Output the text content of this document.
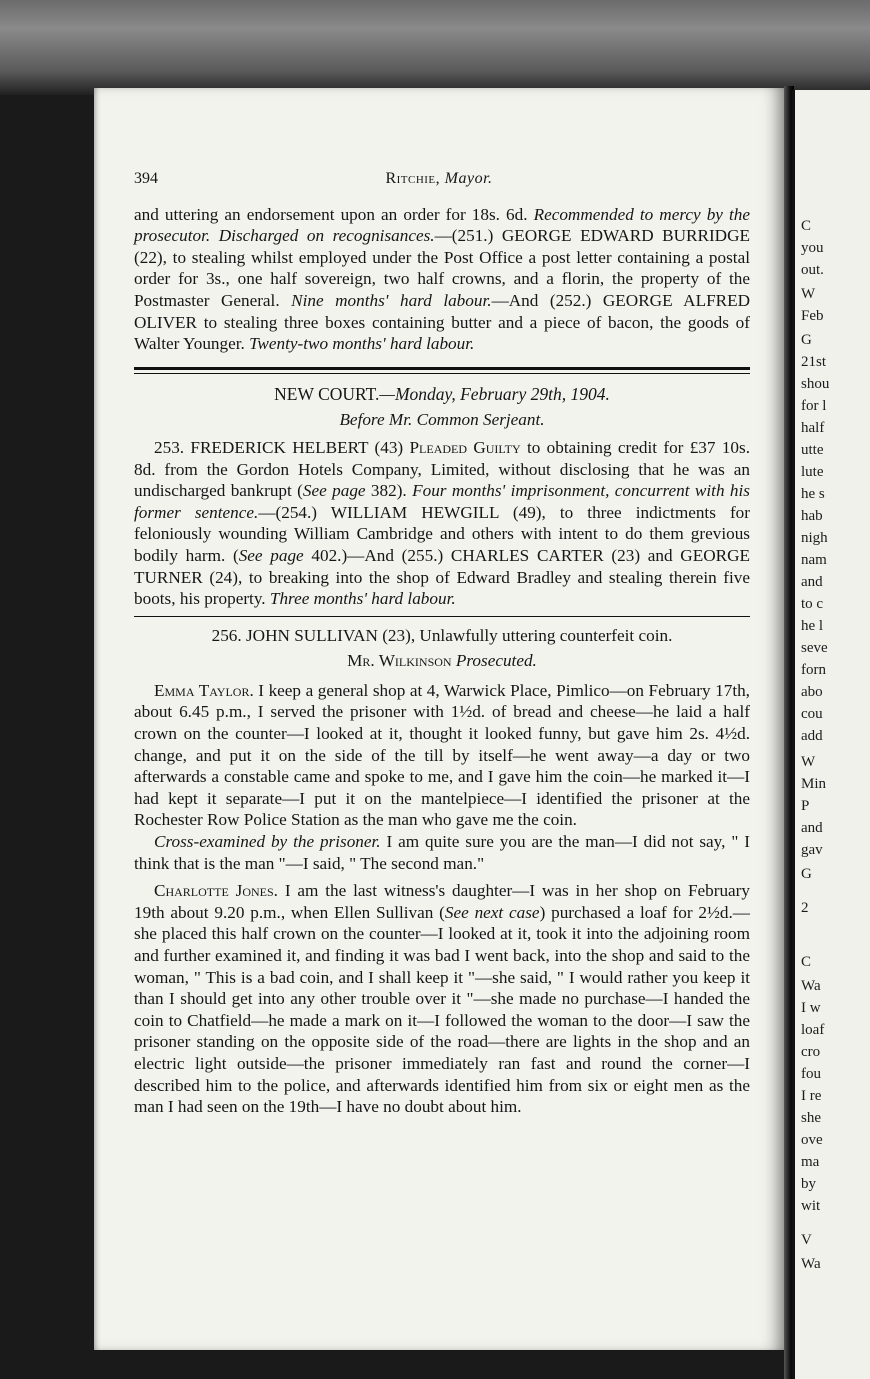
C
you
out.
W
Feb
G
21st
shou
for l
half
utte
lute
he s
hab
nigh
nam
and
to c
he l
seve
forn
abo
cou
add
W
Min
P
and
gav
G
2
C
Wa
I w
loaf
cro
fou
I re
she
ove
ma
by
wit
V
Wa
394	Ritchie, Mayor.

and uttering an endorsement upon an order for 18s. 6d. Recommended to mercy by the prosecutor. Discharged on recognisances.—(251.) GEORGE EDWARD BURRIDGE (22), to stealing whilst employed under the Post Office a post letter containing a postal order for 3s., one half sovereign, two half crowns, and a florin, the property of the Postmaster General. Nine months' hard labour.—And (252.) GEORGE ALFRED OLIVER to stealing three boxes containing butter and a piece of bacon, the goods of Walter Younger. Twenty-two months' hard labour.

NEW COURT.—Monday, February 29th, 1904.
Before Mr. Common Serjeant.

253. FREDERICK HELBERT (43) Pleaded Guilty to obtaining credit for £37 10s. 8d. from the Gordon Hotels Company, Limited, without disclosing that he was an undischarged bankrupt (See page 382). Four months' imprisonment, concurrent with his former sentence.—(254.) WILLIAM HEWGILL (49), to three indictments for feloniously wounding William Cambridge and others with intent to do them grevious bodily harm. (See page 402.)—And (255.) CHARLES CARTER (23) and GEORGE TURNER (24), to breaking into the shop of Edward Bradley and stealing therein five boots, his property. Three months' hard labour.

256. JOHN SULLIVAN (23), Unlawfully uttering counterfeit coin.
Mr. Wilkinson Prosecuted.

Emma Taylor. I keep a general shop at 4, Warwick Place, Pimlico—on February 17th, about 6.45 p.m., I served the prisoner with 1½d. of bread and cheese—he laid a half crown on the counter—I looked at it, thought it looked funny, but gave him 2s. 4½d. change, and put it on the side of the till by itself—he went away—a day or two afterwards a constable came and spoke to me, and I gave him the coin—he marked it—I had kept it separate—I put it on the mantelpiece—I identified the prisoner at the Rochester Row Police Station as the man who gave me the coin.

Cross-examined by the prisoner. I am quite sure you are the man—I did not say, " I think that is the man "—I said, " The second man."

Charlotte Jones. I am the last witness's daughter—I was in her shop on February 19th about 9.20 p.m., when Ellen Sullivan (See next case) purchased a loaf for 2½d.—she placed this half crown on the counter—I looked at it, took it into the adjoining room and further examined it, and finding it was bad I went back, into the shop and said to the woman, " This is a bad coin, and I shall keep it "—she said, " I would rather you keep it than I should get into any other trouble over it "—she made no purchase—I handed the coin to Chatfield—he made a mark on it—I followed the woman to the door—I saw the prisoner standing on the opposite side of the road—there are lights in the shop and an electric light outside—the prisoner immediately ran fast and round the corner—I described him to the police, and afterwards identified him from six or eight men as the man I had seen on the 19th—I have no doubt about him.
